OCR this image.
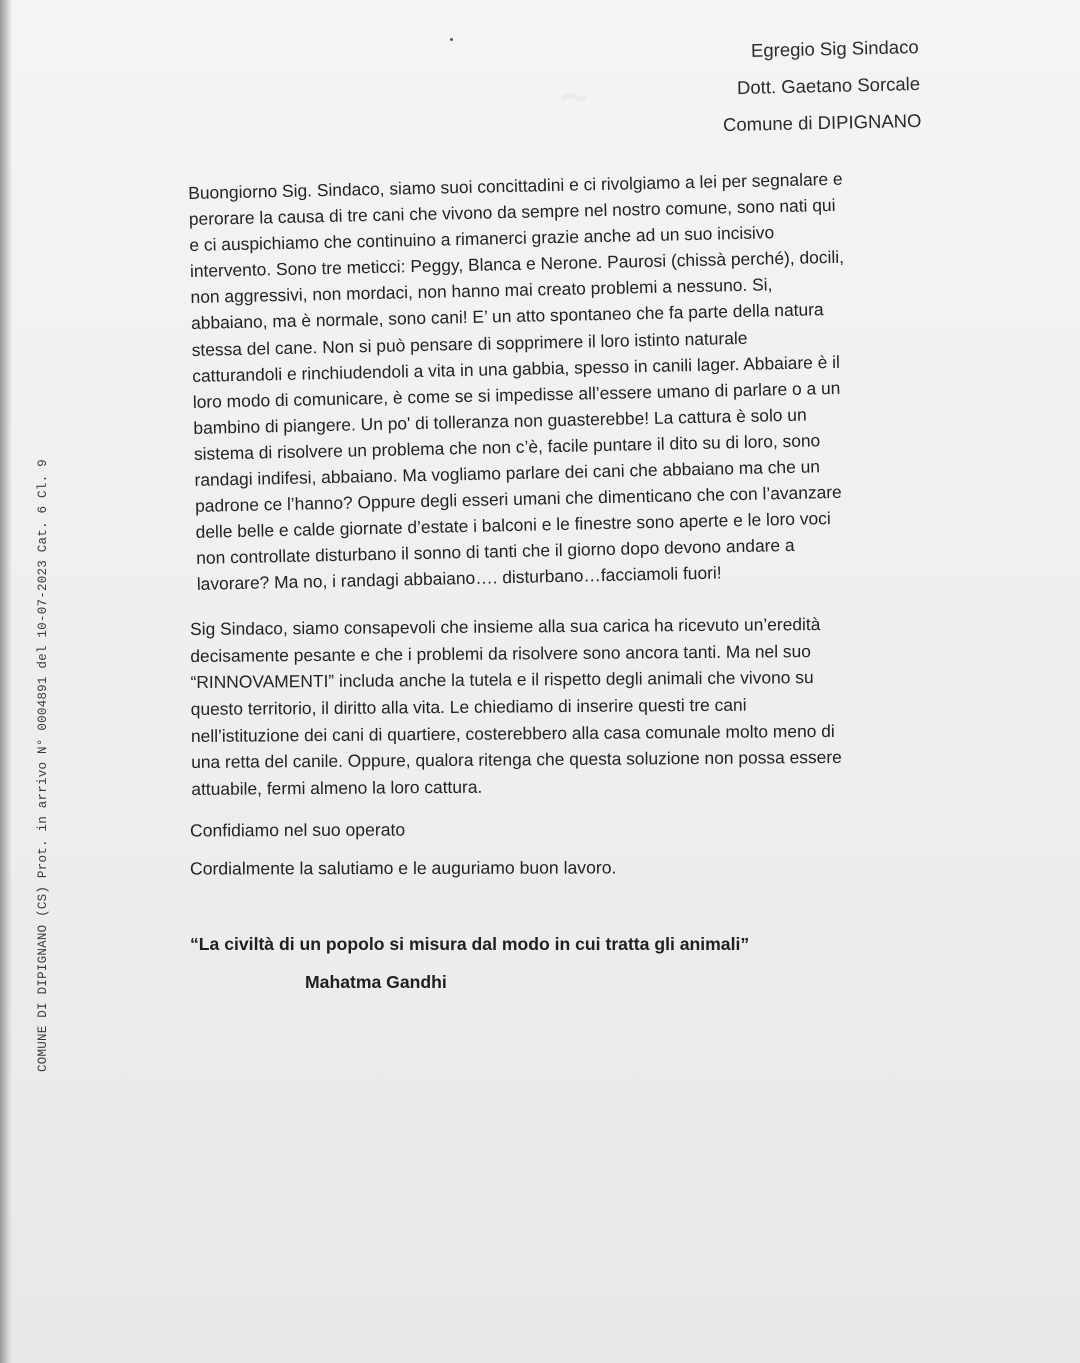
~
COMUNE DI DIPIGNANO (CS) Prot. in arrivo N° 0004891 del 10-07-2023 Cat. 6 Cl. 9
Egregio Sig Sindaco
Dott. Gaetano Sorcale
Comune di DIPIGNANO
Buongiorno Sig. Sindaco, siamo suoi concittadini e ci rivolgiamo a lei per segnalare e
perorare la causa di tre cani che vivono da sempre nel nostro comune, sono nati qui
e ci auspichiamo che continuino a rimanerci grazie anche ad un suo incisivo
intervento. Sono tre meticci: Peggy, Blanca e Nerone. Paurosi (chissà perché), docili,
non aggressivi, non mordaci, non hanno mai creato problemi a nessuno. Si,
abbaiano, ma è normale, sono cani! E’ un atto spontaneo che fa parte della natura
stessa del cane. Non si può pensare di sopprimere il loro istinto naturale
catturandoli e rinchiudendoli a vita in una gabbia, spesso in canili lager. Abbaiare è il
loro modo di comunicare, è come se si impedisse all’essere umano di parlare o a un
bambino di piangere. Un po' di tolleranza non guasterebbe! La cattura è solo un
sistema di risolvere un problema che non c’è, facile puntare il dito su di loro, sono
randagi indifesi, abbaiano. Ma vogliamo parlare dei cani che abbaiano ma che un
padrone ce l’hanno? Oppure degli esseri umani che dimenticano che con l’avanzare
delle belle e calde giornate d’estate i balconi e le finestre sono aperte e le loro voci
non controllate disturbano il sonno di tanti che il giorno dopo devono andare a
lavorare? Ma no, i randagi abbaiano…. disturbano…facciamoli fuori!
Sig Sindaco, siamo consapevoli che insieme alla sua carica ha ricevuto un’eredità
decisamente pesante e che i problemi da risolvere sono ancora tanti. Ma nel suo
“RINNOVAMENTI” includa anche la tutela e il rispetto degli animali che vivono su
questo territorio, il diritto alla vita. Le chiediamo di inserire questi tre cani
nell’istituzione dei cani di quartiere, costerebbero alla casa comunale molto meno di
una retta del canile. Oppure, qualora ritenga che questa soluzione non possa essere
attuabile, fermi almeno la loro cattura.
Confidiamo nel suo operato
Cordialmente la salutiamo e le auguriamo buon lavoro.
“La civiltà di un popolo si misura dal modo in cui tratta gli animali”
Mahatma Gandhi
